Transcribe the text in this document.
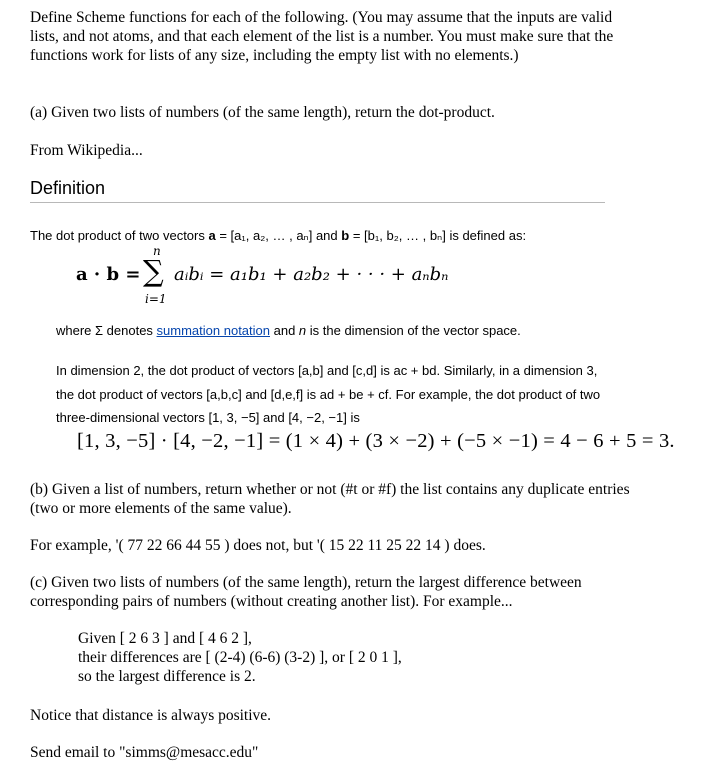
Define Scheme functions for each of the following. (You may assume that the inputs are valid lists, and not atoms, and that each element of the list is a number. You must make sure that the functions work for lists of any size, including the empty list with no elements.)

(a) Given two lists of numbers (of the same length), return the dot-product.

From Wikipedia...

Definition
The dot product of two vectors a = [a₁, a₂, … , aₙ] and b = [b₁, b₂, … , bₙ] is defined as:
a · b =
n
∑
i=1
aᵢbᵢ = a₁b₁ + a₂b₂ + · · · + aₙbₙ
where Σ denotes summation notation and n is the dimension of the vector space.
In dimension 2, the dot product of vectors [a,b] and [c,d] is ac + bd. Similarly, in a dimension 3, the dot product of vectors [a,b,c] and [d,e,f] is ad + be + cf. For example, the dot product of two three-dimensional vectors [1, 3, −5] and [4, −2, −1] is
[1, 3, −5] · [4, −2, −1] = (1 × 4) + (3 × −2) + (−5 × −1) = 4 − 6 + 5 = 3.

(b) Given a list of numbers, return whether or not (#t or #f) the list contains any duplicate entries (two or more elements of the same value).

For example, '( 77 22 66 44 55 ) does not, but '( 15 22 11 25 22 14 ) does.

(c) Given two lists of numbers (of the same length), return the largest difference between corresponding pairs of numbers (without creating another list). For example...

Given [ 2 6 3 ] and [ 4 6 2 ],
their differences are [ (2-4) (6-6) (3-2) ], or [ 2 0 1 ],
so the largest difference is 2.

Notice that distance is always positive.

Send email to "simms@mesacc.edu"
